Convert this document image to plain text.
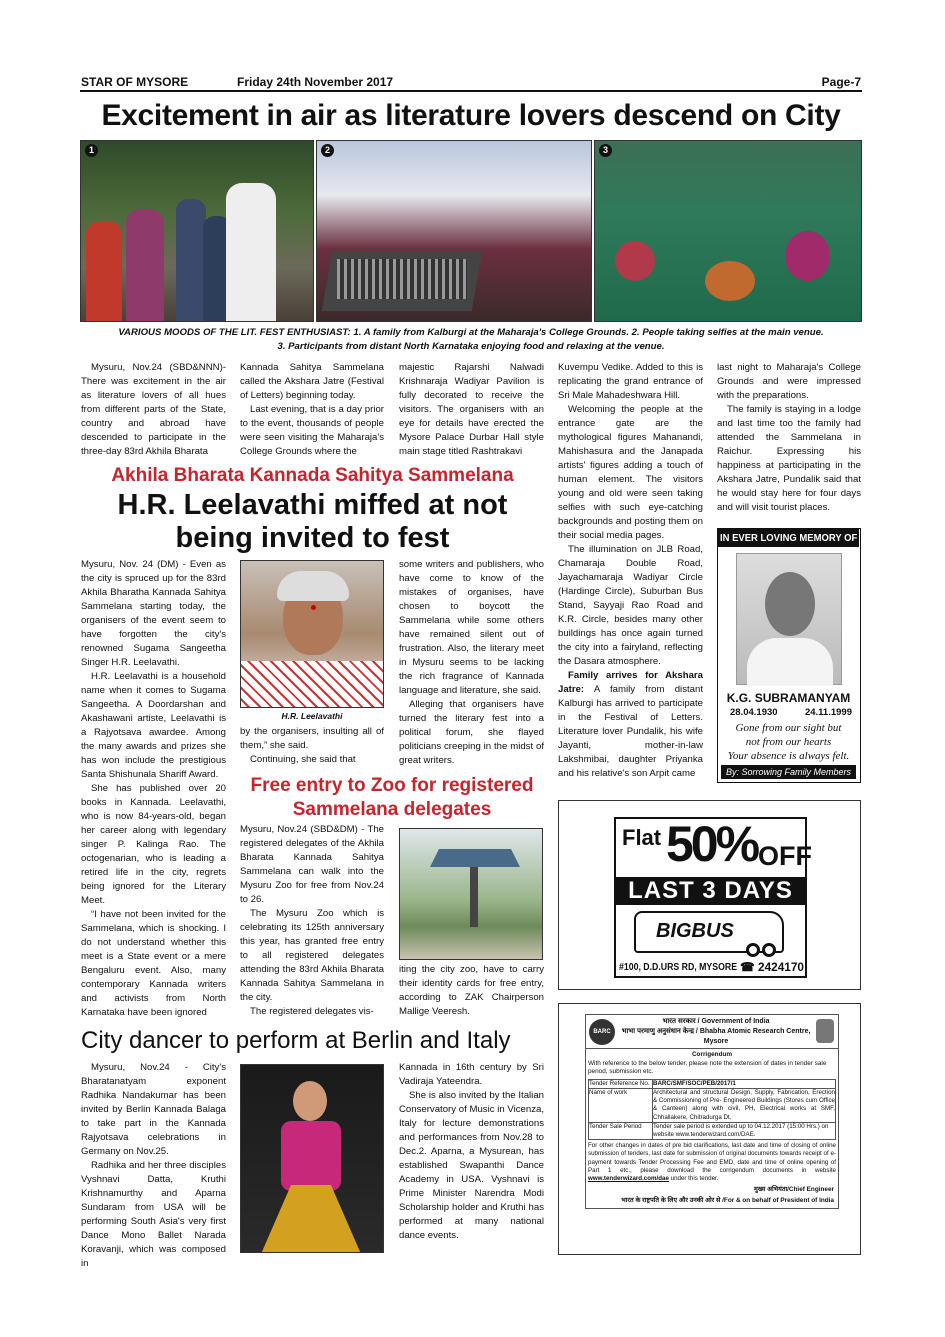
STAR OF MYSORE	Friday 24th November 2017	Page-7
Excitement in air as literature lovers descend on City
1	2	3
VARIOUS MOODS OF THE LIT. FEST ENTHUSIAST: 1. A family from Kalburgi at the Maharaja's College Grounds. 2. People taking selfies at the main venue.
3. Participants from distant North Karnataka enjoying food and relaxing at the venue.

Mysuru, Nov.24 (SBD&NNN)- There was excitement in the air as literature lovers of all hues from different parts of the State, country and abroad have descended to participate in the three-day 83rd Akhila Bharata

Kannada Sahitya Sammelana called the Akshara Jatre (Festival of Letters) beginning today.

Last evening, that is a day prior to the event, thousands of people were seen visiting the Maharaja's College Grounds where the

majestic Rajarshi Nalwadi Krishnaraja Wadiyar Pavilion is fully decorated to receive the visitors. The organisers with an eye for details have erected the Mysore Palace Durbar Hall style main stage titled Rashtrakavi

Kuvempu Vedike. Added to this is replicating the grand entrance of Sri Male Mahadeshwara Hill.

Welcoming the people at the entrance gate are the mythological figures Mahanandi, Mahishasura and the Janapada artists' figures adding a touch of human element. The visitors young and old were seen taking selfies with such eye-catching backgrounds and posting them on their social media pages.

The illumination on JLB Road, Chamaraja Double Road, Jayachamaraja Wadiyar Circle (Hardinge Circle), Suburban Bus Stand, Sayyaji Rao Road and K.R. Circle, besides many other buildings has once again turned the city into a fairyland, reflecting the Dasara atmosphere.

Family arrives for Akshara Jatre: A family from distant Kalburgi has arrived to participate in the Festival of Letters. Literature lover Pundalik, his wife Jayanti, mother-in-law Lakshmibai, daughter Priyanka and his relative's son Arpit came

last night to Maharaja's College Grounds and were impressed with the preparations.

The family is staying in a lodge and last time too the family had attended the Sammelana in Raichur. Expressing his happiness at participating in the Akshara Jatre, Pundalik said that he would stay here for four days and will visit tourist places.

Akhila Bharata Kannada Sahitya Sammelana
H.R. Leelavathi miffed at not
being invited to fest

Mysuru, Nov. 24 (DM) - Even as the city is spruced up for the 83rd Akhila Bharatha Kannada Sahitya Sammelana starting today, the organisers of the event seem to have forgotten the city's renowned Sugama Sangeetha Singer H.R. Leelavathi.

H.R. Leelavathi is a household name when it comes to Sugama Sangeetha. A Doordarshan and Akashawani artiste, Leelavathi is a Rajyotsava awardee. Among the many awards and prizes she has won include the prestigious Santa Shishunala Shariff Award.

She has published over 20 books in Kannada. Leelavathi, who is now 84-years-old, began her career along with legendary singer P. Kalinga Rao. The octogenarian, who is leading a retired life in the city, regrets being ignored for the Literary Meet.

“I have not been invited for the Sammelana, which is shocking. I do not understand whether this meet is a State event or a mere Bengaluru event. Also, many contemporary Kannada writers and activists from North Karnataka have been ignored

H.R. Leelavathi

by the organisers, insulting all of them,” she said.

Continuing, she said that

some writers and publishers, who have come to know of the mistakes of organises, have chosen to boycott the Sammelana while some others have remained silent out of frustration. Also, the literary meet in Mysuru seems to be lacking the rich fragrance of Kannada language and literature, she said.

Alleging that organisers have turned the literary fest into a political forum, she flayed politicians creeping in the midst of great writers.

Free entry to Zoo for registered
Sammelana delegates

Mysuru, Nov.24 (SBD&DM) - The registered delegates of the Akhila Bharata Kannada Sahitya Sammelana can walk into the Mysuru Zoo for free from Nov.24 to 26.

The Mysuru Zoo which is celebrating its 125th anniversary this year, has granted free entry to all registered delegates attending the 83rd Akhila Bharata Kannada Sahitya Sammelana in the city.

The registered delegates vis-

iting the city zoo, have to carry their identity cards for free entry, according to ZAK Chairperson Mallige Veeresh.

City dancer to perform at Berlin and Italy

Mysuru, Nov.24 - City's Bharatanatyam exponent Radhika Nandakumar has been invited by Berlin Kannada Balaga to take part in the Kannada Rajyotsava celebrations in Germany on Nov.25.

Radhika and her three disciples Vyshnavi Datta, Kruthi Krishnamurthy and Aparna Sundaram from USA will be performing South Asia's very first Dance Mono Ballet Narada Koravanji, which was composed in

Kannada in 16th century by Sri Vadiraja Yateendra.

She is also invited by the Italian Conservatory of Music in Vicenza, Italy for lecture demonstrations and performances from Nov.28 to Dec.2. Aparna, a Mysurean, has established Swapanthi Dance Academy in USA. Vyshnavi is Prime Minister Narendra Modi Scholarship holder and Kruthi has performed at many national dance events.

IN EVER LOVING MEMORY OF
K.G. SUBRAMANYAM
28.04.1930	24.11.1999
Gone from our sight but
not from our hearts
Your absence is always felt.
By: Sorrowing Family Members
Flat 50% OFF
LAST 3 DAYS
BIGBUS
#100, D.D.URS RD, MYSORE ☎ 2424170
BARC
भारत सरकार / Government of India
भाभा परमाणु अनुसंधान केन्द्र / Bhabha Atomic Research Centre,
Mysore
Corrigendum
With reference to the below tender, please note the extension of dates in tender sale period, submission etc.
Tender Reference No.	BARC/SMF/SOC/PEB/2017/1
Name of work	Architectural and structural Design, Supply, Fabrication, Erection & Commissioning of Pre- Engineered Buildings (Stores cum Office & Canteen) along with civil, PH, Electrical works at SMF, Chhallakere, Chitradurga Dt.
Tender Sale Period	Tender sale period is extended up to 04.12.2017 (15:00 Hrs.) on website www.tenderwizard.com/DAE.
For other changes in dates of pre bid clarifications, last date and time of closing of online submission of tenders, last date for submission of original documents towards receipt of e-payment towards Tender Processing Fee and EMD, date and time of online opening of Part 1 etc., please download the corrigendum documents in website www.tenderwizard.com/dae under this tender.
मुख्य अभियंता/Chief Engineer
भारत के राष्ट्रपति के लिए और उनकी ओर से /For & on behalf of President of India
